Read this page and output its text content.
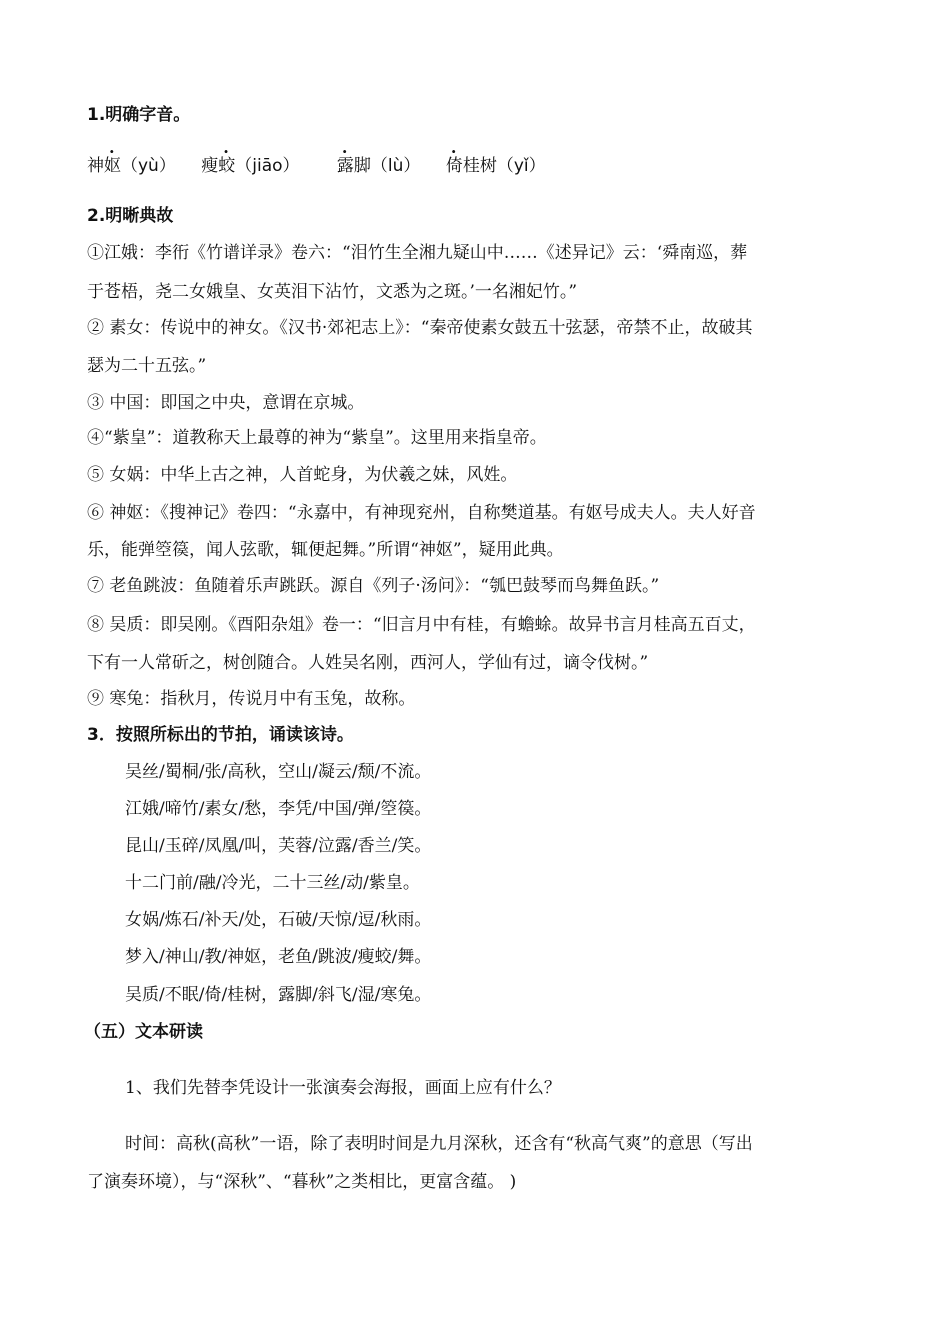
1.明确字音。
神妪（yù） 瘦蛟（jiāo） 露脚（lù） 倚桂树（yǐ）
2.明晰典故
①江娥：李衎《竹谱详录》卷六：“泪竹生全湘九疑山中……《述异记》云：‘舜南巡，葬
于苍梧，尧二女娥皇、女英泪下沾竹，文悉为之斑。’一名湘妃竹。”
② 素女：传说中的神女。《汉书·郊祀志上》：“秦帝使素女鼓五十弦瑟，帝禁不止，故破其
瑟为二十五弦。”
③ 中国：即国之中央，意谓在京城。
④“紫皇”：道教称天上最尊的神为“紫皇”。这里用来指皇帝。
⑤ 女娲：中华上古之神，人首蛇身，为伏羲之妹，风姓。
⑥ 神妪：《搜神记》卷四：“永嘉中，有神现兖州，自称樊道基。有妪号成夫人。夫人好音
乐，能弹箜篌，闻人弦歌，辄便起舞。”所谓“神妪”，疑用此典。
⑦ 老鱼跳波：鱼随着乐声跳跃。源自《列子·汤问》：“瓠巴鼓琴而鸟舞鱼跃。”
⑧ 吴质：即吴刚。《酉阳杂俎》卷一：“旧言月中有桂，有蟾蜍。故异书言月桂高五百丈，
下有一人常斫之，树创随合。人姓吴名刚，西河人，学仙有过，谪令伐树。”
⑨ 寒兔：指秋月，传说月中有玉兔，故称。
3．按照所标出的节拍，诵读该诗。
吴丝/蜀桐/张/高秋，空山/凝云/颓/不流。
江娥/啼竹/素女/愁，李凭/中国/弹/箜篌。
昆山/玉碎/凤凰/叫，芙蓉/泣露/香兰/笑。
十二门前/融/冷光，二十三丝/动/紫皇。
女娲/炼石/补天/处，石破/天惊/逗/秋雨。
梦入/神山/教/神妪，老鱼/跳波/瘦蛟/舞。
吴质/不眠/倚/桂树，露脚/斜飞/湿/寒兔。
（五）文本研读
1、我们先替李凭设计一张演奏会海报，画面上应有什么？
时间：高秋(高秋”一语，除了表明时间是九月深秋，还含有“秋高气爽”的意思（写出
了演奏环境），与“深秋”、“暮秋”之类相比，更富含蕴。 )
